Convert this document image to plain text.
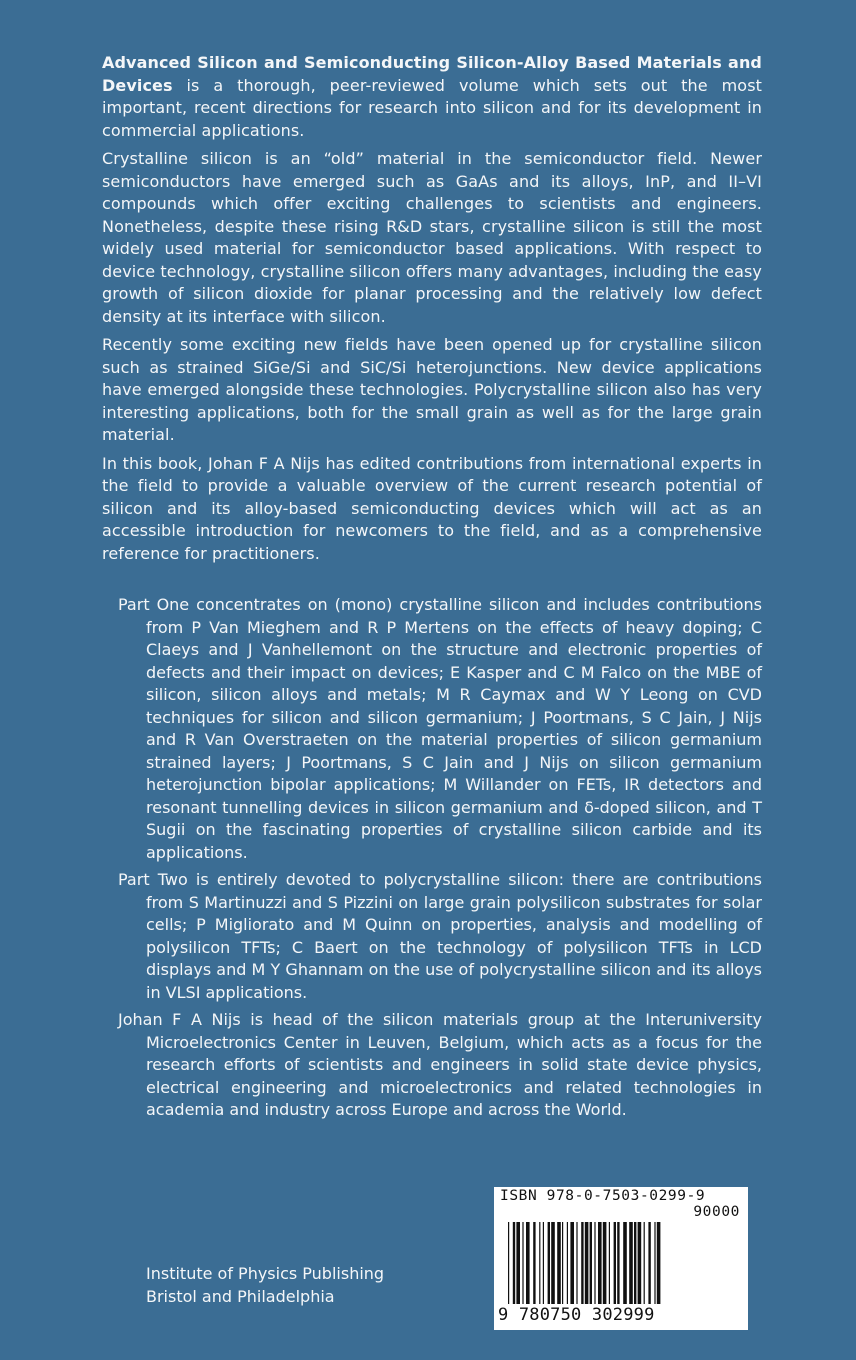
Advanced Silicon and Semiconducting Silicon-Alloy Based Materials and Devices is a thorough, peer-reviewed volume which sets out the most important, recent directions for research into silicon and for its development in commercial applications.

Crystalline silicon is an “old” material in the semiconductor field. Newer semiconductors have emerged such as GaAs and its alloys, InP, and II–VI compounds which offer exciting challenges to scientists and engineers. Nonetheless, despite these rising R&D stars, crystalline silicon is still the most widely used material for semiconductor based applications. With respect to device technology, crystalline silicon offers many advantages, including the easy growth of silicon dioxide for planar processing and the relatively low defect density at its interface with silicon.

Recently some exciting new fields have been opened up for crystalline silicon such as strained SiGe/Si and SiC/Si heterojunctions. New device applications have emerged alongside these technologies. Polycrystalline silicon also has very interesting applications, both for the small grain as well as for the large grain material.

In this book, Johan F A Nijs has edited contributions from international experts in the field to provide a valuable overview of the current research potential of silicon and its alloy-based semiconducting devices which will act as an accessible introduction for newcomers to the field, and as a comprehensive reference for practitioners.

Part One concentrates on (mono) crystalline silicon and includes contributions from P Van Mieghem and R P Mertens on the effects of heavy doping; C Claeys and J Vanhellemont on the structure and electronic properties of defects and their impact on devices; E Kasper and C M Falco on the MBE of silicon, silicon alloys and metals; M R Caymax and W Y Leong on CVD techniques for silicon and silicon germanium; J Poortmans, S C Jain, J Nijs and R Van Overstraeten on the material properties of silicon germanium strained layers; J Poortmans, S C Jain and J Nijs on silicon germanium heterojunction bipolar applications; M Willander on FETs, IR detectors and resonant tunnelling devices in silicon germanium and δ-doped silicon, and T Sugii on the fascinating properties of crystalline silicon carbide and its applications.

Part Two is entirely devoted to polycrystalline silicon: there are contributions from S Martinuzzi and S Pizzini on large grain polysilicon substrates for solar cells; P Migliorato and M Quinn on properties, analysis and modelling of polysilicon TFTs; C Baert on the technology of polysilicon TFTs in LCD displays and M Y Ghannam on the use of polycrystalline silicon and its alloys in VLSI applications.

Johan F A Nijs is head of the silicon materials group at the Interuniversity Microelectronics Center in Leuven, Belgium, which acts as a focus for the research efforts of scientists and engineers in solid state device physics, electrical engineering and microelectronics and related technologies in academia and industry across Europe and across the World.

Institute of Physics Publishing
Bristol and Philadelphia
ISBN 978-0-7503-0299-9
90000
9 780750 302999
